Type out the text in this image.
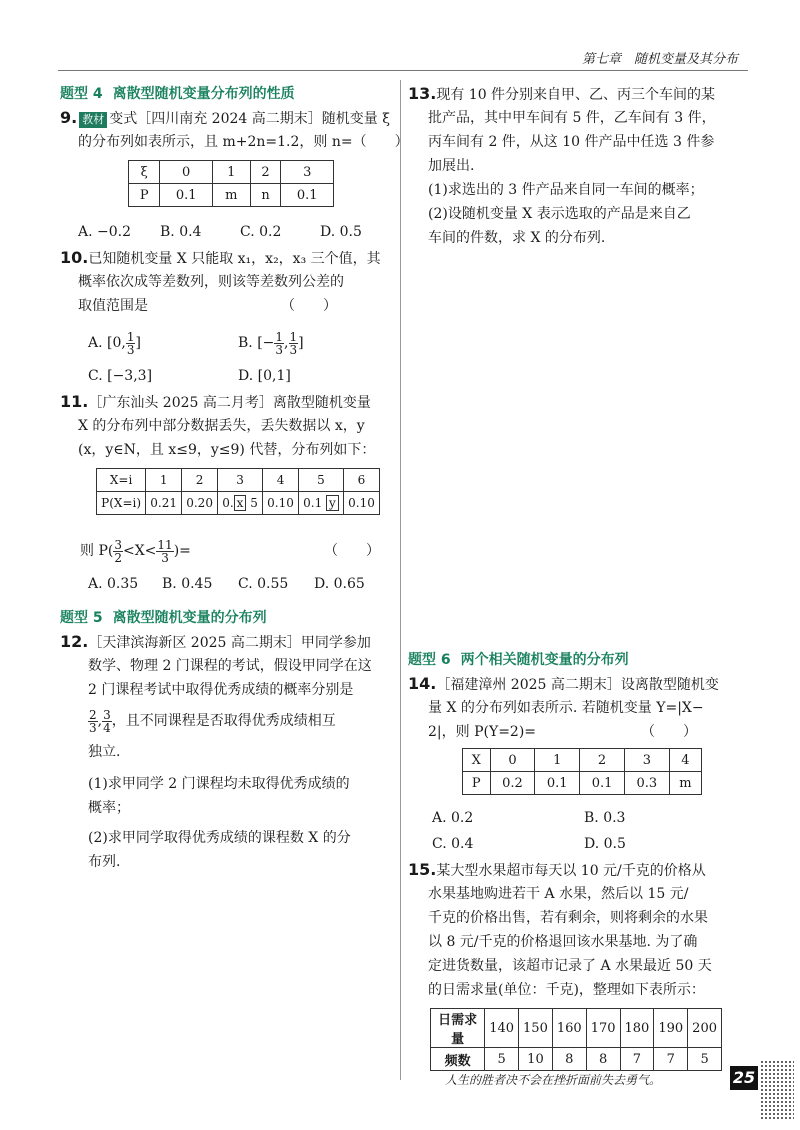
第七章　随机变量及其分布
题型 4 离散型随机变量分布列的性质
9. 教材 变式［四川南充 2024 高二期末］随机变量 ξ
的分布列如表所示，且 m+2n=1.2，则 n=（　　）
ξ	0	1	2	3
P	0.1	m	n	0.1
A. −0.2 B. 0.4	C. 0.2	D. 0.5
10.已知随机变量 X 只能取 x₁，x₂，x₃ 三个值，其
概率依次成等差数列，则该等差数列公差的
取值范围是　　　　　　　　　　（　　）
A. [0, $\frac{1}{3}$ ]	B. [− $\frac{1}{3}$ , $\frac{1}{3}$ ]
C. [−3,3]	D. [0,1]
11.［广东汕头 2025 高二月考］离散型随机变量
X 的分布列中部分数据丢失，丢失数据以 x，y
(x，y∈N，且 x≤9，y≤9) 代替，分布列如下：
X=i	1	2	3	4	5	6
P(X=i)	0.21	0.20	0. x 5	0.10	0.1 y	0.10
则 $P( \frac{3}{2} <X< \frac{11}{3}$ )=	（　　）
A. 0.35 B. 0.45 C. 0.55 D. 0.65
题型 5 离散型随机变量的分布列
12.［天津滨海新区 2025 高二期末］甲同学参加
数学、物理 2 门课程的考试，假设甲同学在这
2 门课程考试中取得优秀成绩的概率分别是
$\frac{2}{3}$ , $\frac{3}{4}$ ，且不同课程是否取得优秀成绩相互
独立.
(1)求甲同学 2 门课程均未取得优秀成绩的
概率；
(2)求甲同学取得优秀成绩的课程数 X 的分
布列.
13.现有 10 件分别来自甲、乙、丙三个车间的某
批产品，其中甲车间有 5 件，乙车间有 3 件，
丙车间有 2 件，从这 10 件产品中任选 3 件参
加展出.
(1)求选出的 3 件产品来自同一车间的概率；
(2)设随机变量 X 表示选取的产品是来自乙
车间的件数，求 X 的分布列.
题型 6 两个相关随机变量的分布列
14.［福建漳州 2025 高二期末］设离散型随机变
量 X 的分布列如表所示. 若随机变量 Y=|X−
2|，则 P(Y=2)=　　　　　　　　（　　）
X	0	1	2	3	4
P	0.2	0.1	0.1	0.3	m
A. 0.2	B. 0.3
C. 0.4	D. 0.5
15.某大型水果超市每天以 10 元/千克的价格从
水果基地购进若干 A 水果，然后以 15 元/
千克的价格出售，若有剩余，则将剩余的水果
以 8 元/千克的价格退回该水果基地. 为了确
定进货数量，该超市记录了 A 水果最近 50 天
的日需求量(单位：千克)，整理如下表所示：
日需求量	140	150	160	170	180	190	200
频数	5	10	8	8	7	7	5
人生的胜者决不会在挫折面前失去勇气。	25
